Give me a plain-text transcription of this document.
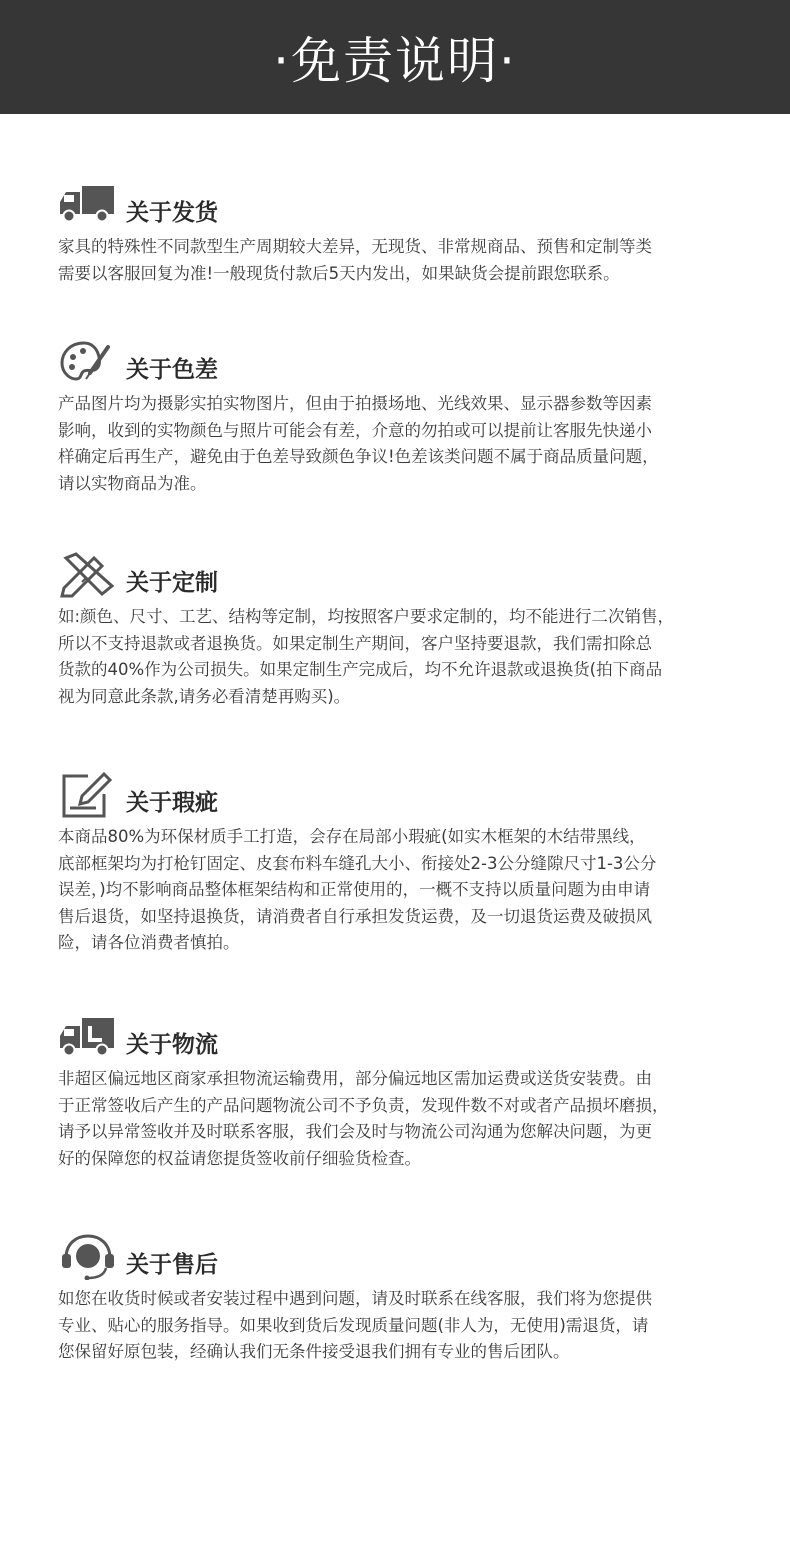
·免责说明·
关于发货
家具的特殊性不同款型生产周期较大差异，无现货、非常规商品、预售和定制等类
需要以客服回复为准!一般现货付款后5天内发出，如果缺货会提前跟您联系。
关于色差
产品图片均为摄影实拍实物图片，但由于拍摄场地、光线效果、显示器参数等因素
影响，收到的实物颜色与照片可能会有差，介意的勿拍或可以提前让客服先快递小
样确定后再生产，避免由于色差导致颜色争议!色差该类问题不属于商品质量问题，
请以实物商品为准。
关于定制
如:颜色、尺寸、工艺、结构等定制，均按照客户要求定制的，均不能进行二次销售，
所以不支持退款或者退换货。如果定制生产期间，客户坚持要退款，我们需扣除总
货款的40%作为公司损失。如果定制生产完成后，均不允许退款或退换货(拍下商品
视为同意此条款,请务必看清楚再购买)。
关于瑕疵
本商品80%为环保材质手工打造，会存在局部小瑕疵(如实木框架的木结带黑线，
底部框架均为打枪钉固定、皮套布料车缝孔大小、衔接处2-3公分缝隙尺寸1-3公分
误差，)均不影响商品整体框架结构和正常使用的，一概不支持以质量问题为由申请
售后退货，如坚持退换货，请消费者自行承担发货运费，及一切退货运费及破损风
险，请各位消费者慎拍。
关于物流
非超区偏远地区商家承担物流运输费用，部分偏远地区需加运费或送货安装费。由
于正常签收后产生的产品问题物流公司不予负责，发现件数不对或者产品损坏磨损，
请予以异常签收并及时联系客服，我们会及时与物流公司沟通为您解决问题，为更
好的保障您的权益请您提货签收前仔细验货检查。
关于售后
如您在收货时候或者安装过程中遇到问题，请及时联系在线客服，我们将为您提供
专业、贴心的服务指导。如果收到货后发现质量问题(非人为，无使用)需退货，请
您保留好原包装，经确认我们无条件接受退我们拥有专业的售后团队。
